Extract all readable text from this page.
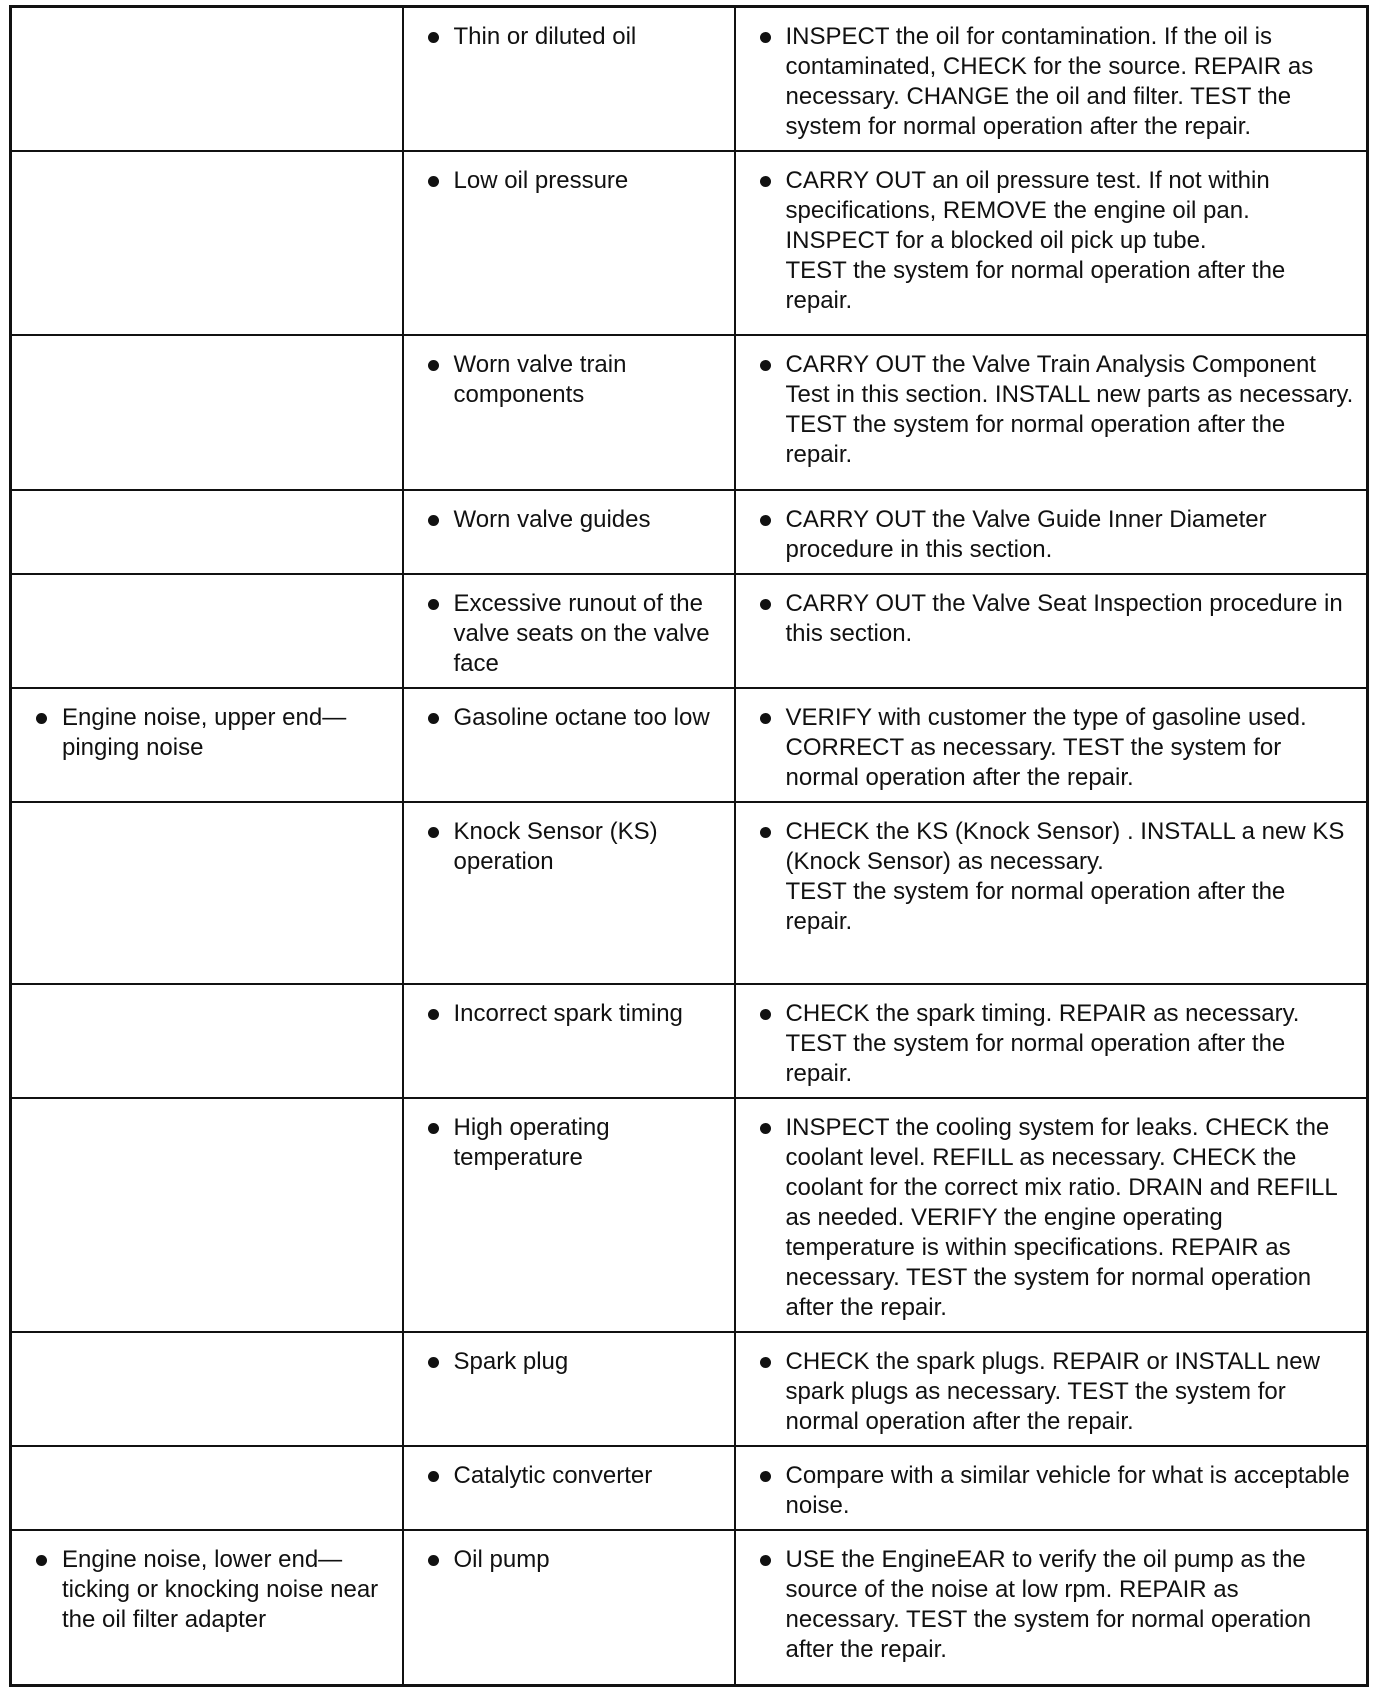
	Thin or diluted oil	INSPECT the oil for contamination. If the oil is contaminated, CHECK for the source. REPAIR as necessary. CHANGE the oil and filter. TEST the system for normal operation after the repair.

	Low oil pressure	CARRY OUT an oil pressure test. If not within specifications, REMOVE the engine oil pan.
INSPECT for a blocked oil pick up tube.
TEST the system for normal operation after the repair.

	Worn valve train components	CARRY OUT the Valve Train Analysis Component Test in this section. INSTALL new parts as necessary. TEST the system for normal operation after the repair.

	Worn valve guides	CARRY OUT the Valve Guide Inner Diameter procedure in this section.

	Excessive runout of the valve seats on the valve face	CARRY OUT the Valve Seat Inspection procedure in this section.

Engine noise, upper end—pinging noise	Gasoline octane too low	VERIFY with customer the type of gasoline used. CORRECT as necessary. TEST the system for normal operation after the repair.

	Knock Sensor (KS) operation	CHECK the KS (Knock Sensor) . INSTALL a new KS (Knock Sensor) as necessary.
TEST the system for normal operation after the repair.

	Incorrect spark timing	CHECK the spark timing. REPAIR as necessary. TEST the system for normal operation after the repair.

	High operating temperature	INSPECT the cooling system for leaks. CHECK the coolant level. REFILL as necessary. CHECK the coolant for the correct mix ratio. DRAIN and REFILL as needed. VERIFY the engine operating temperature is within specifications. REPAIR as necessary. TEST the system for normal operation after the repair.

	Spark plug	CHECK the spark plugs. REPAIR or INSTALL new spark plugs as necessary. TEST the system for normal operation after the repair.

	Catalytic converter	Compare with a similar vehicle for what is acceptable noise.

Engine noise, lower end—ticking or knocking noise near the oil filter adapter	Oil pump	USE the EngineEAR to verify the oil pump as the source of the noise at low rpm. REPAIR as necessary. TEST the system for normal operation after the repair.
